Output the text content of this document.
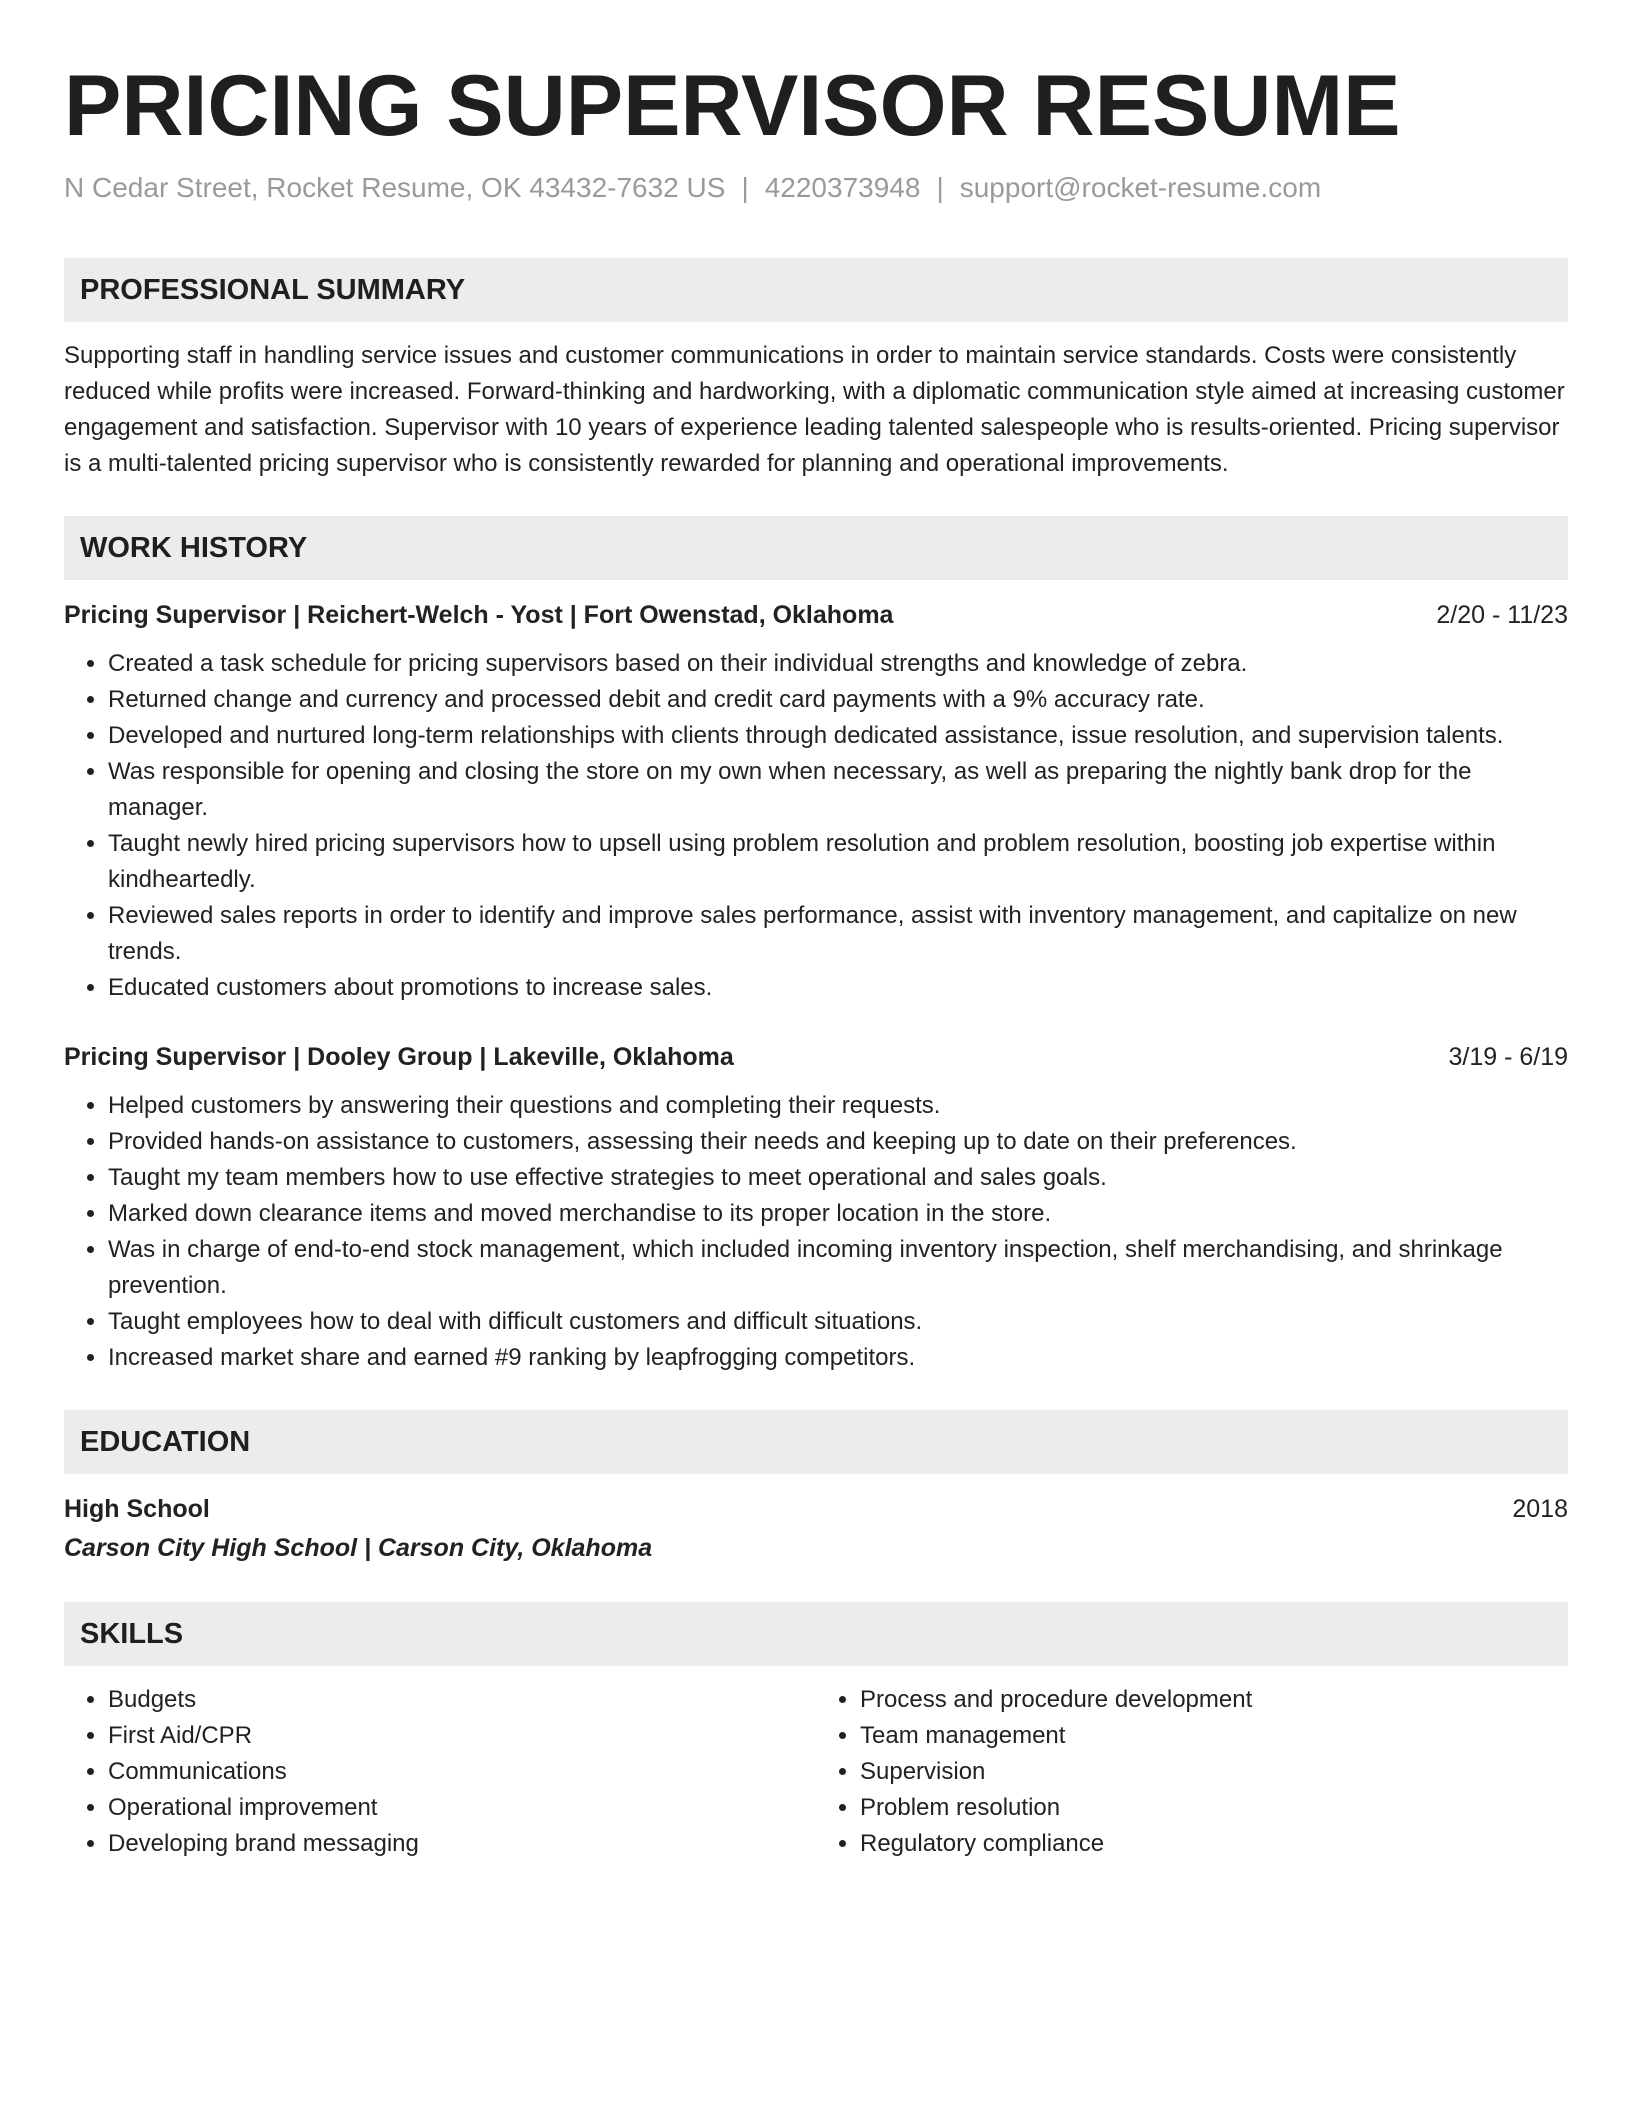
PRICING SUPERVISOR RESUME
N Cedar Street, Rocket Resume, OK 43432-7632 US | 4220373948 | support@rocket-resume.com
PROFESSIONAL SUMMARY
Supporting staff in handling service issues and customer communications in order to maintain service standards. Costs were consistently reduced while profits were increased. Forward-thinking and hardworking, with a diplomatic communication style aimed at increasing customer engagement and satisfaction. Supervisor with 10 years of experience leading talented salespeople who is results-oriented. Pricing supervisor is a multi-talented pricing supervisor who is consistently rewarded for planning and operational improvements.
WORK HISTORY
Pricing Supervisor | Reichert-Welch - Yost | Fort Owenstad, Oklahoma	2/20 - 11/23
• Created a task schedule for pricing supervisors based on their individual strengths and knowledge of zebra.
• Returned change and currency and processed debit and credit card payments with a 9% accuracy rate.
• Developed and nurtured long-term relationships with clients through dedicated assistance, issue resolution, and supervision talents.
• Was responsible for opening and closing the store on my own when necessary, as well as preparing the nightly bank drop for the manager.
• Taught newly hired pricing supervisors how to upsell using problem resolution and problem resolution, boosting job expertise within kindheartedly.
• Reviewed sales reports in order to identify and improve sales performance, assist with inventory management, and capitalize on new trends.
• Educated customers about promotions to increase sales.
Pricing Supervisor | Dooley Group | Lakeville, Oklahoma	3/19 - 6/19
• Helped customers by answering their questions and completing their requests.
• Provided hands-on assistance to customers, assessing their needs and keeping up to date on their preferences.
• Taught my team members how to use effective strategies to meet operational and sales goals.
• Marked down clearance items and moved merchandise to its proper location in the store.
• Was in charge of end-to-end stock management, which included incoming inventory inspection, shelf merchandising, and shrinkage prevention.
• Taught employees how to deal with difficult customers and difficult situations.
• Increased market share and earned #9 ranking by leapfrogging competitors.
EDUCATION
High School	2018
Carson City High School | Carson City, Oklahoma
SKILLS
• Budgets
• First Aid/CPR
• Communications
• Operational improvement
• Developing brand messaging
• Process and procedure development
• Team management
• Supervision
• Problem resolution
• Regulatory compliance
